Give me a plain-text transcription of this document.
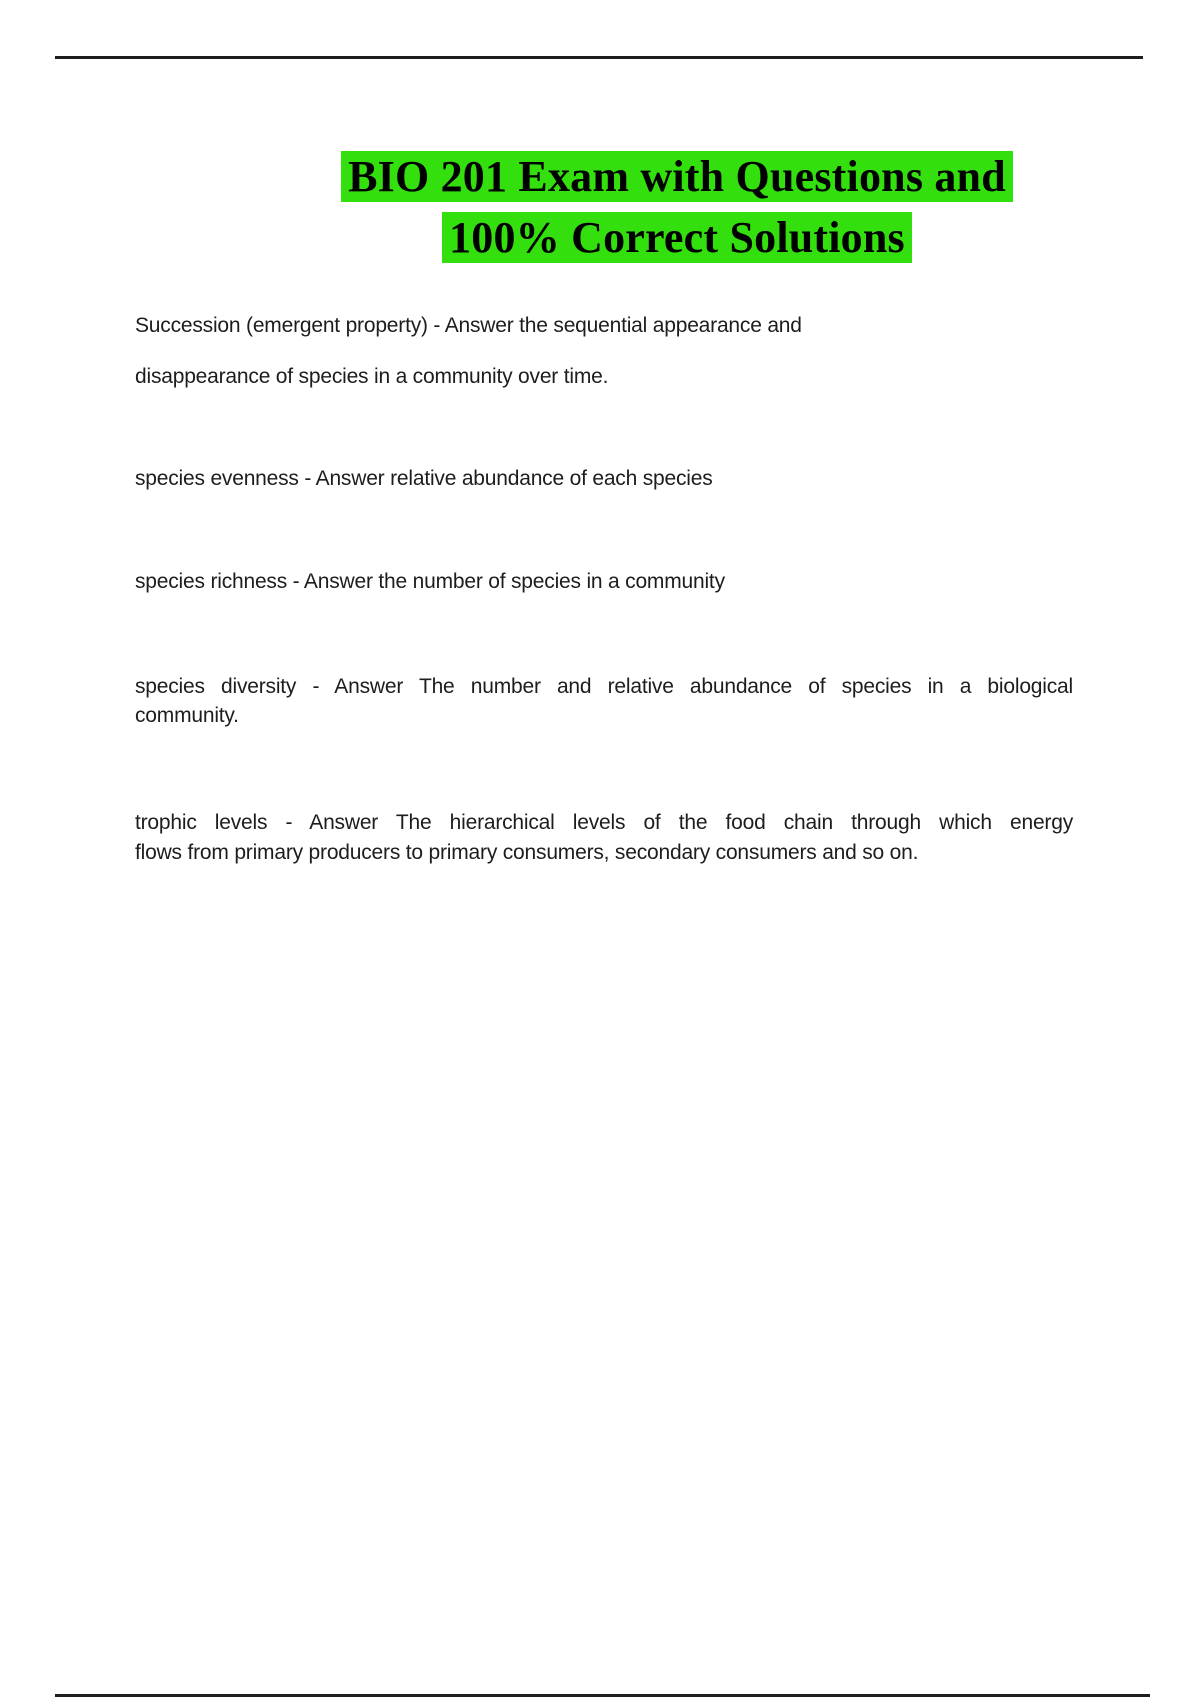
BIO 201 Exam with Questions and
100% Correct Solutions
Succession (emergent property) - Answer the sequential appearance and
disappearance of species in a community over time.
species evenness - Answer relative abundance of each species
species richness - Answer the number of species in a community
species diversity - Answer The number and relative abundance of species in a biological
community.
trophic levels - Answer The hierarchical levels of the food chain through which energy
flows from primary producers to primary consumers, secondary consumers and so on.
